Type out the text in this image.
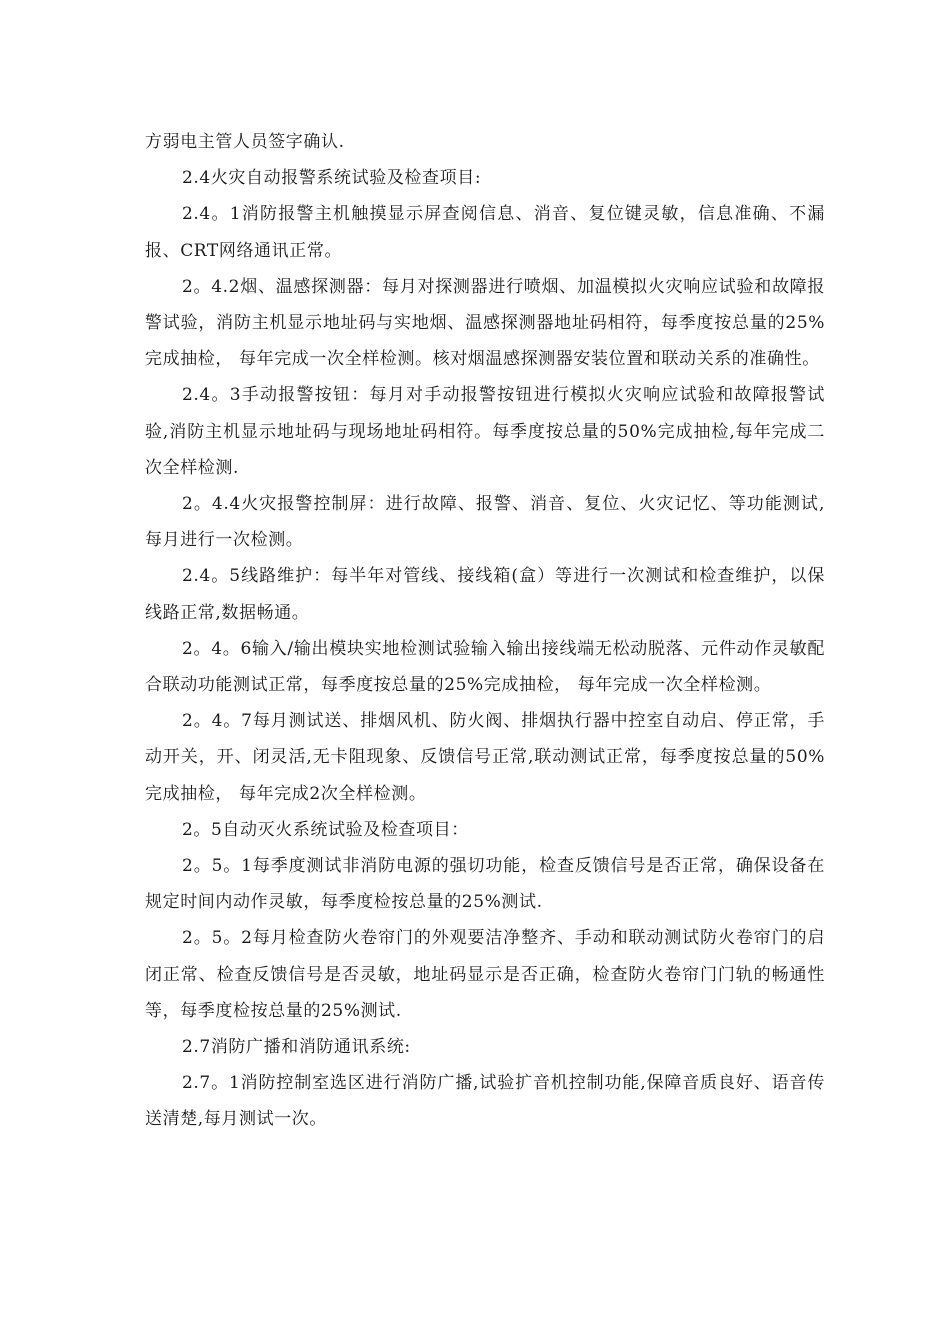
方弱电主管人员签字确认.

2.4火灾自动报警系统试验及检查项目:

2.4。1消防报警主机触摸显示屏查阅信息、消音、复位键灵敏，信息准确、不漏报、CRT网络通讯正常。

2。4.2烟、温感探测器：每月对探测器进行喷烟、加温模拟火灾响应试验和故障报警试验，消防主机显示地址码与实地烟、温感探测器地址码相符，每季度按总量的25%完成抽检， 每年完成一次全样检测。核对烟温感探测器安装位置和联动关系的准确性。

2.4。3手动报警按钮：每月对手动报警按钮进行模拟火灾响应试验和故障报警试验,消防主机显示地址码与现场地址码相符。每季度按总量的50%完成抽检,每年完成二次全样检测.

2。4.4火灾报警控制屏：进行故障、报警、消音、复位、火灾记忆、等功能测试,每月进行一次检测。

2.4。5线路维护：每半年对管线、接线箱(盒）等进行一次测试和检查维护，以保线路正常,数据畅通。

2。4。6输入/输出模块实地检测试验输入输出接线端无松动脱落、元件动作灵敏配合联动功能测试正常，每季度按总量的25%完成抽检， 每年完成一次全样检测。

2。4。7每月测试送、排烟风机、防火阀、排烟执行器中控室自动启、停正常，手动开关，开、闭灵活,无卡阻现象、反馈信号正常,联动测试正常，每季度按总量的50%完成抽检， 每年完成2次全样检测。

2。5自动灭火系统试验及检查项目：

2。5。1每季度测试非消防电源的强切功能，检查反馈信号是否正常，确保设备在规定时间内动作灵敏，每季度检按总量的25%测试.

2。5。2每月检查防火卷帘门的外观要洁净整齐、手动和联动测试防火卷帘门的启闭正常、检查反馈信号是否灵敏，地址码显示是否正确，检查防火卷帘门门轨的畅通性等，每季度检按总量的25%测试.

2.7消防广播和消防通讯系统:

2.7。1消防控制室选区进行消防广播,试验扩音机控制功能,保障音质良好、语音传送清楚,每月测试一次。
